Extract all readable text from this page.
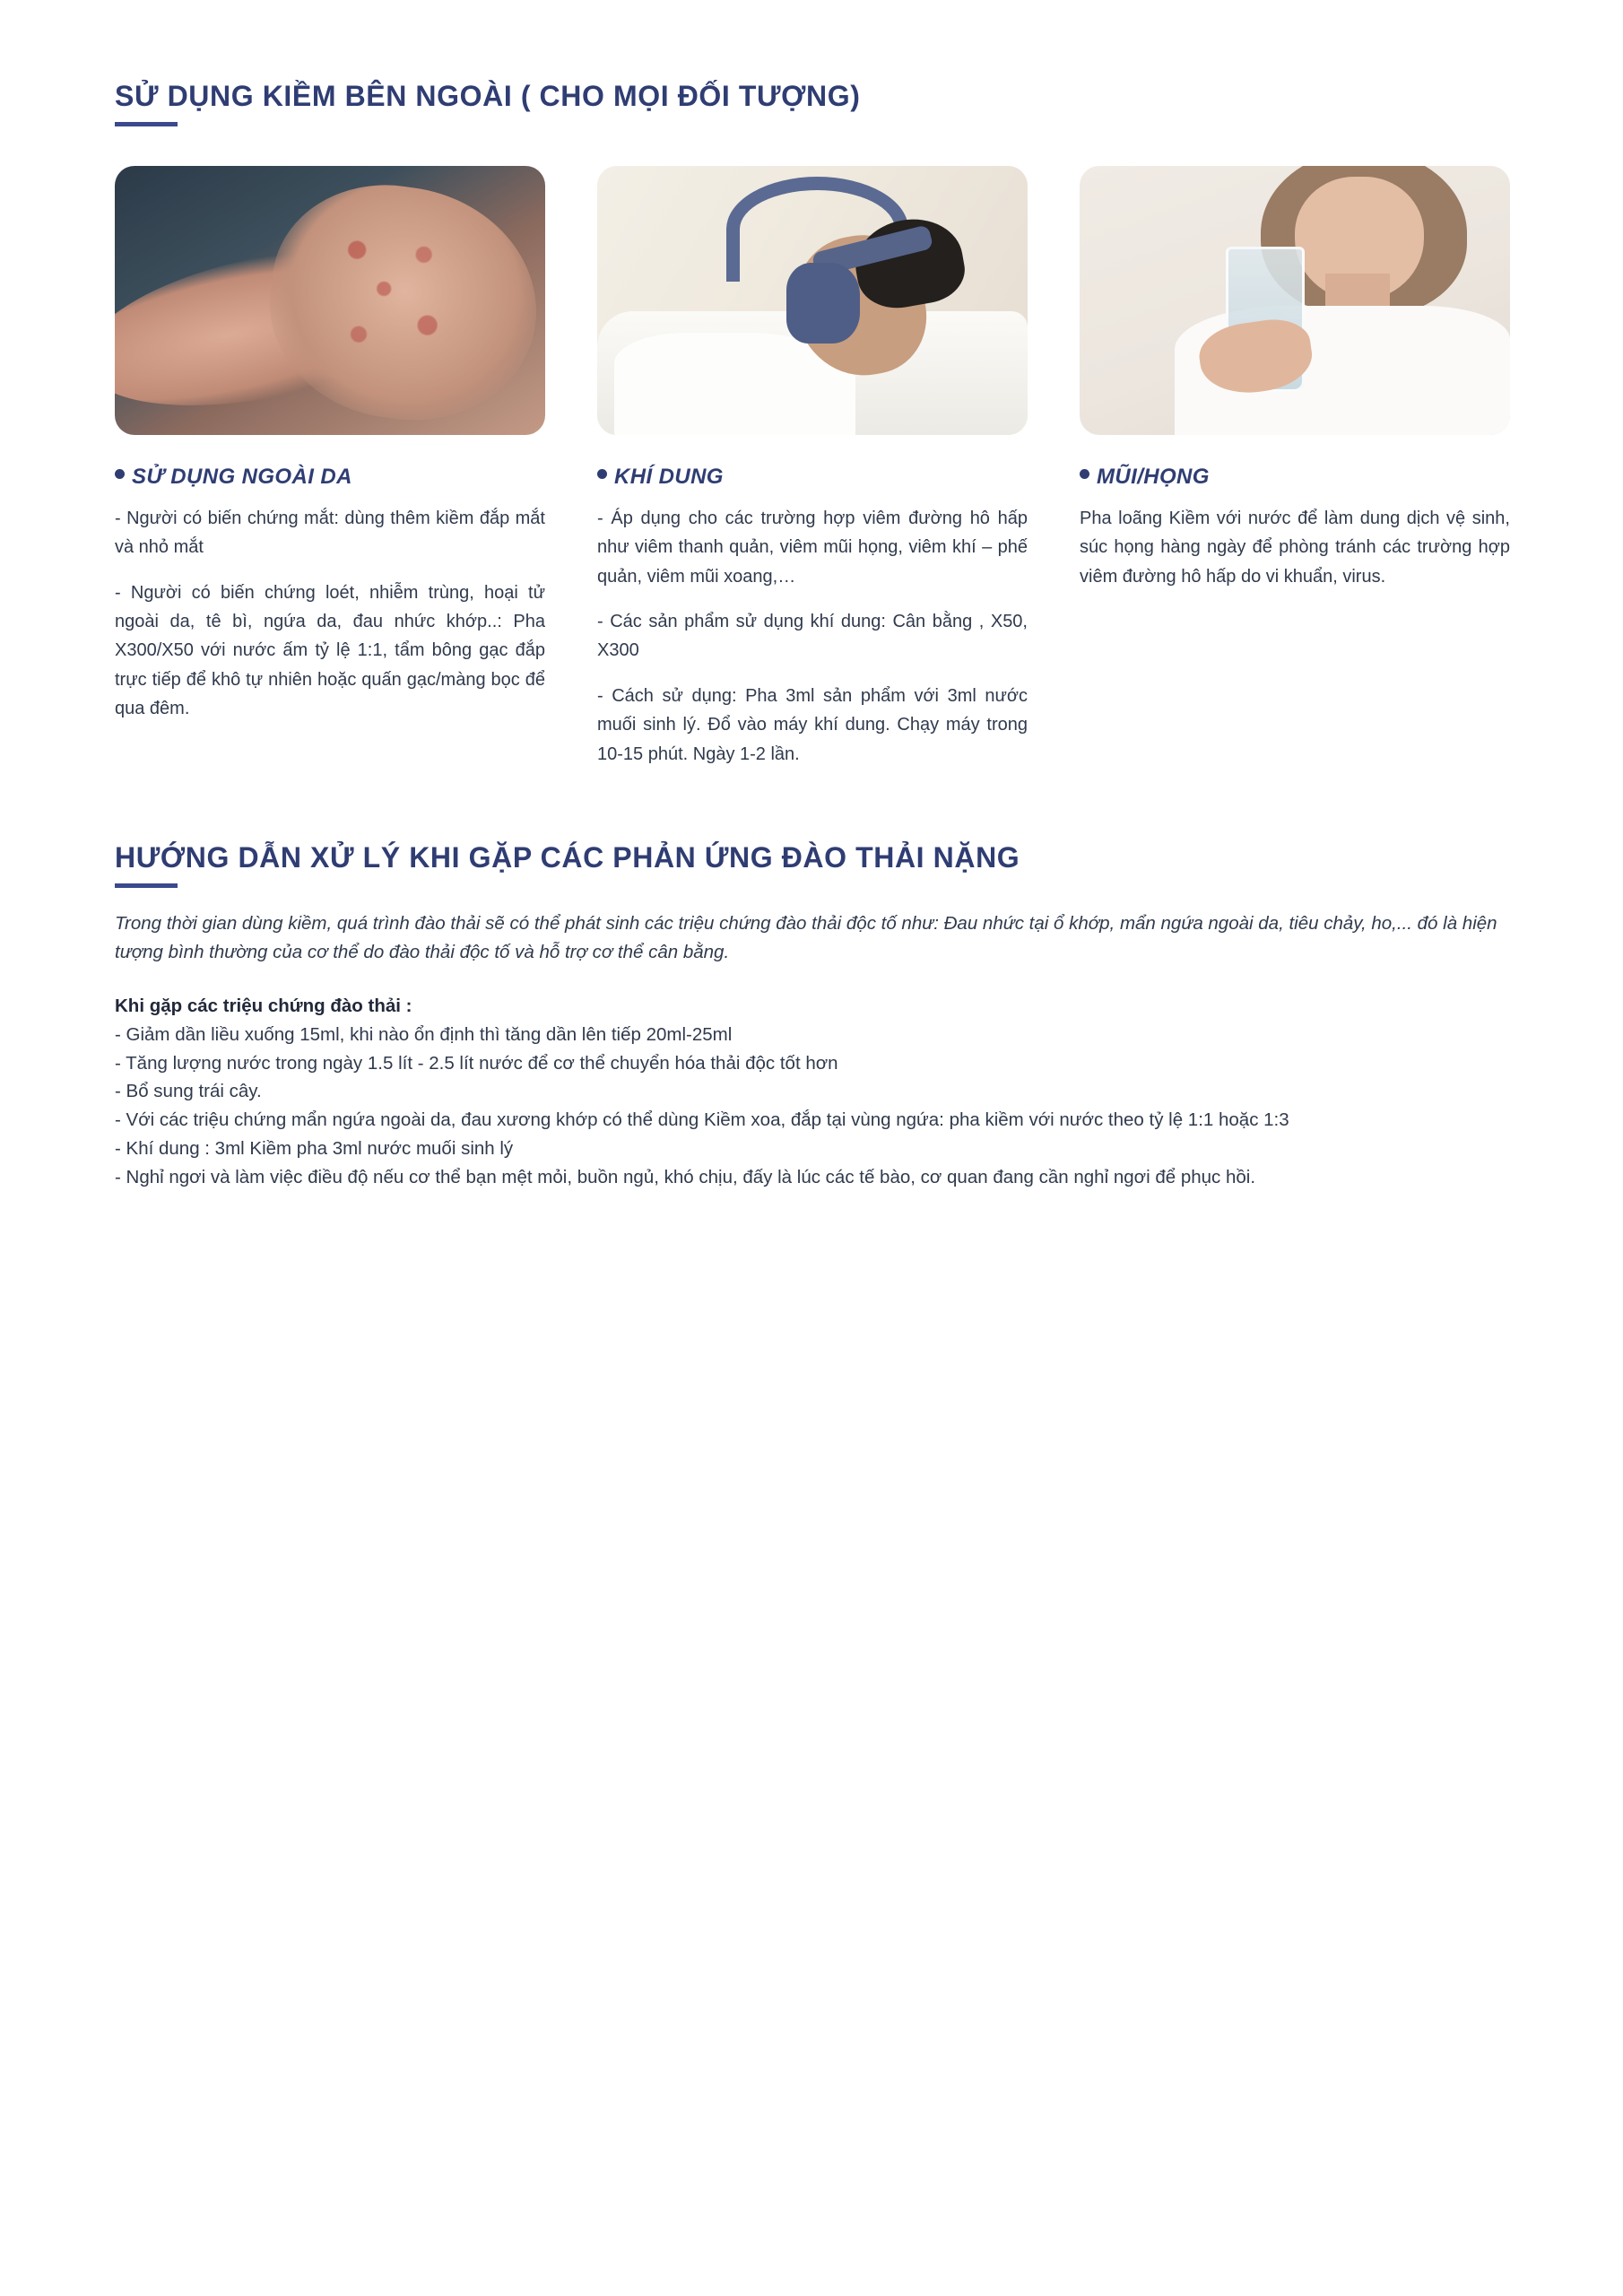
SỬ DỤNG KIỀM BÊN NGOÀI ( CHO MỌI ĐỐI TƯỢNG)
SỬ DỤNG NGOÀI DA

- Người có biến chứng mắt: dùng thêm kiềm đắp mắt và nhỏ mắt

- Người có biến chứng loét, nhiễm trùng, hoại tử ngoài da, tê bì, ngứa da, đau nhức khớp..: Pha X300/X50 với nước ấm tỷ lệ 1:1, tẩm bông gạc đắp trực tiếp để khô tự nhiên hoặc quấn gạc/màng bọc để qua đêm.

KHÍ DUNG

- Áp dụng cho các trường hợp viêm đường hô hấp như viêm thanh quản, viêm mũi họng, viêm khí – phế quản, viêm mũi xoang,…

- Các sản phẩm sử dụng khí dung: Cân bằng , X50, X300

- Cách sử dụng: Pha 3ml sản phẩm với 3ml nước muối sinh lý. Đổ vào máy khí dung. Chạy máy trong 10-15 phút. Ngày 1-2 lần.

MŨI/HỌNG

Pha loãng Kiềm với nước để làm dung dịch vệ sinh, súc họng hàng ngày để phòng tránh các trường hợp viêm đường hô hấp do vi khuẩn, virus.

HƯỚNG DẪN XỬ LÝ KHI GẶP CÁC PHẢN ỨNG ĐÀO THẢI NẶNG

Trong thời gian dùng kiềm, quá trình đào thải sẽ có thể phát sinh các triệu chứng đào thải độc tố như: Đau nhức tại ổ khớp, mẩn ngứa ngoài da, tiêu chảy, ho,... đó là hiện tượng bình thường của cơ thể do đào thải độc tố và hỗ trợ cơ thể cân bằng.

Khi gặp các triệu chứng đào thải :

- Giảm dần liều xuống 15ml, khi nào ổn định thì tăng dần lên tiếp 20ml-25ml

- Tăng lượng nước trong ngày 1.5 lít - 2.5 lít nước để cơ thể chuyển hóa thải độc tốt hơn

- Bổ sung trái cây.

- Với các triệu chứng mẩn ngứa ngoài da, đau xương khớp có thể dùng Kiềm xoa, đắp tại vùng ngứa: pha kiềm với nước theo tỷ lệ 1:1 hoặc 1:3

- Khí dung : 3ml Kiềm pha 3ml nước muối sinh lý

- Nghỉ ngơi và làm việc điều độ nếu cơ thể bạn mệt mỏi, buồn ngủ, khó chịu, đấy là lúc các tế bào, cơ quan đang cần nghỉ ngơi để phục hồi.
